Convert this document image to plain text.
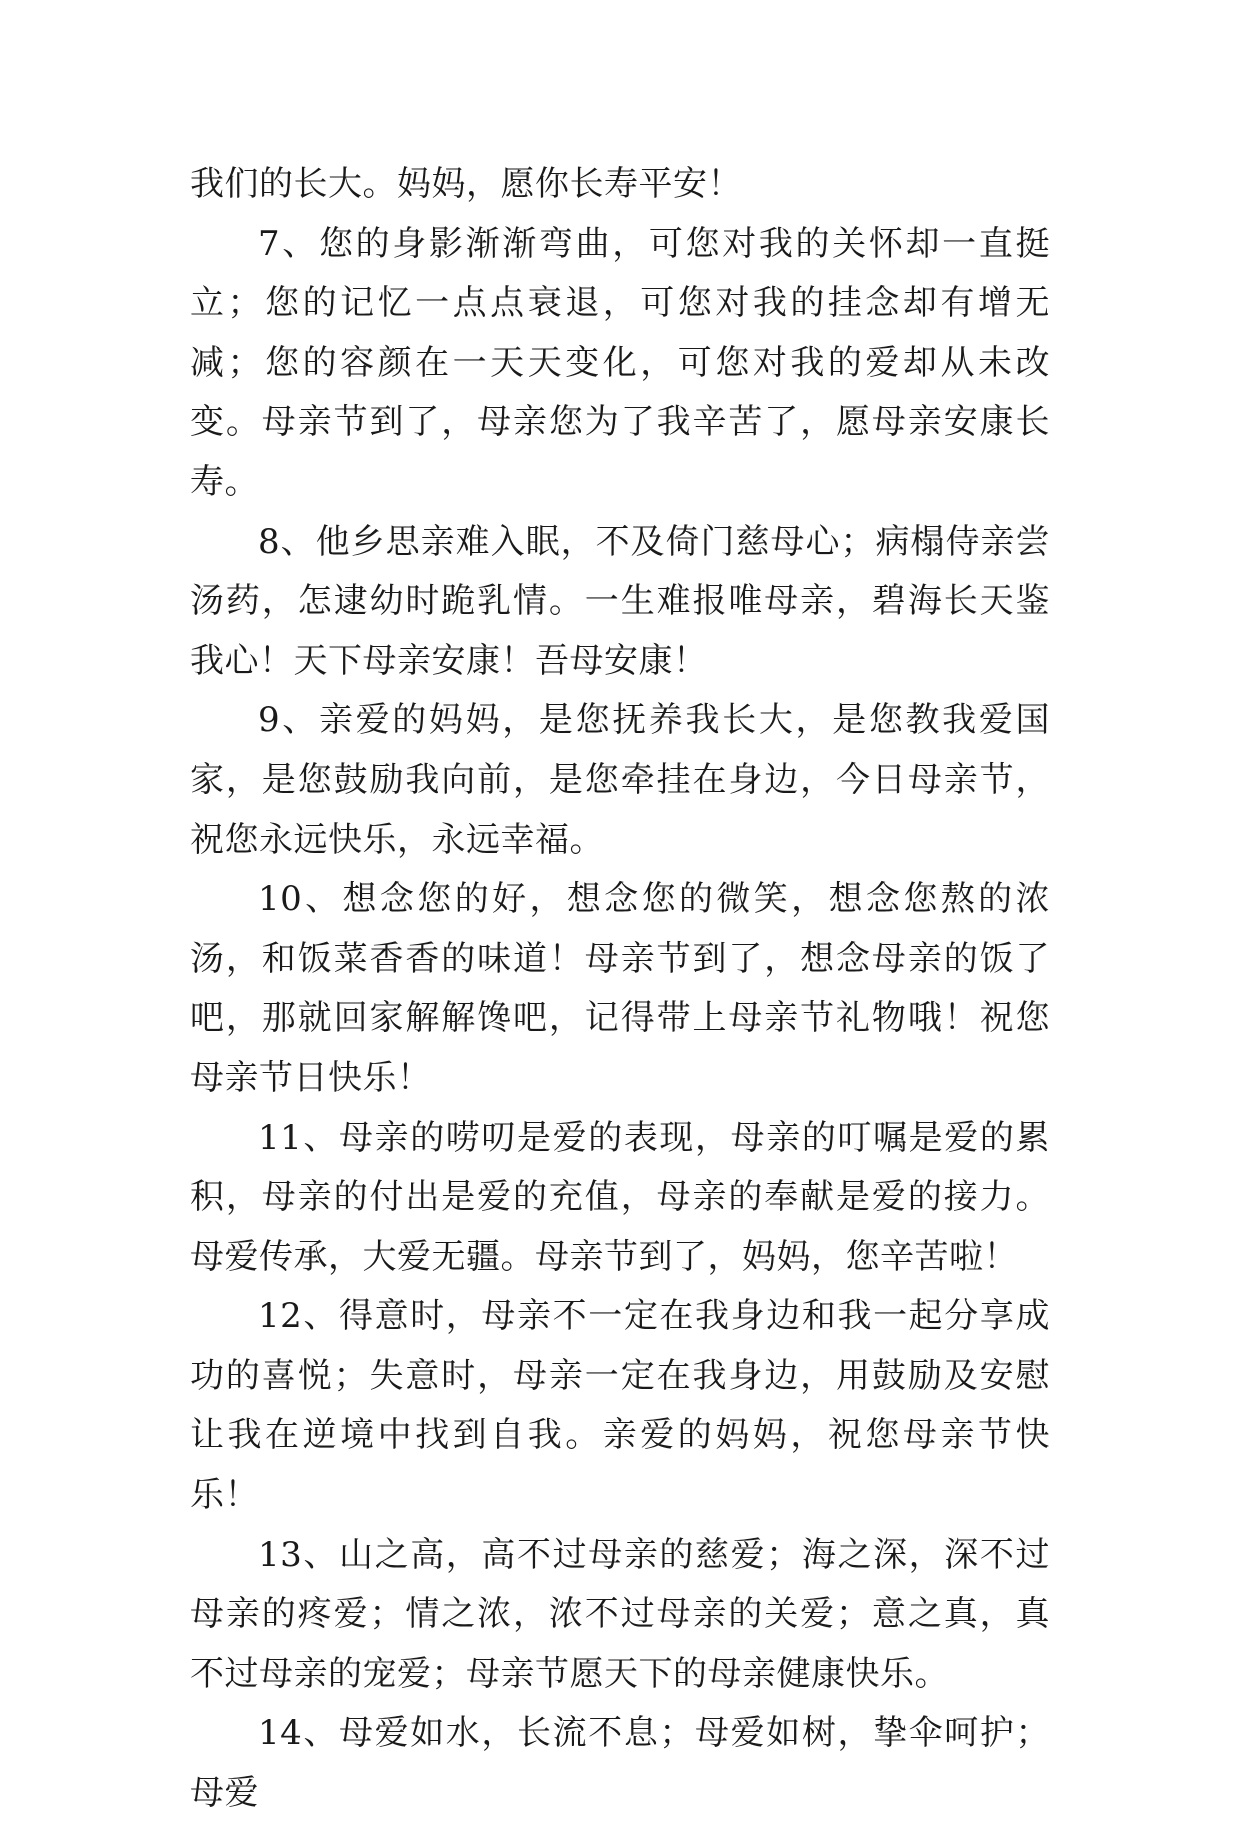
我们的长大。妈妈，愿你长寿平安！

7、您的身影渐渐弯曲，可您对我的关怀却一直挺立；您的记忆一点点衰退，可您对我的挂念却有增无减；您的容颜在一天天变化，可您对我的爱却从未改变。母亲节到了，母亲您为了我辛苦了，愿母亲安康长寿。

8、他乡思亲难入眠，不及倚门慈母心；病榻侍亲尝汤药，怎逮幼时跪乳情。一生难报唯母亲，碧海长天鉴我心！天下母亲安康！吾母安康！

9、亲爱的妈妈，是您抚养我长大，是您教我爱国家，是您鼓励我向前，是您牵挂在身边，今日母亲节，祝您永远快乐，永远幸福。

10、想念您的好，想念您的微笑，想念您熬的浓汤，和饭菜香香的味道！母亲节到了，想念母亲的饭了吧，那就回家解解馋吧，记得带上母亲节礼物哦！祝您母亲节日快乐！

11、母亲的唠叨是爱的表现，母亲的叮嘱是爱的累积，母亲的付出是爱的充值，母亲的奉献是爱的接力。母爱传承，大爱无疆。母亲节到了，妈妈，您辛苦啦！

12、得意时，母亲不一定在我身边和我一起分享成功的喜悦；失意时，母亲一定在我身边，用鼓励及安慰让我在逆境中找到自我。亲爱的妈妈，祝您母亲节快乐！

13、山之高，高不过母亲的慈爱；海之深，深不过母亲的疼爱；情之浓，浓不过母亲的关爱；意之真，真不过母亲的宠爱；母亲节愿天下的母亲健康快乐。

14、母爱如水，长流不息；母爱如树，挚伞呵护；母爱
